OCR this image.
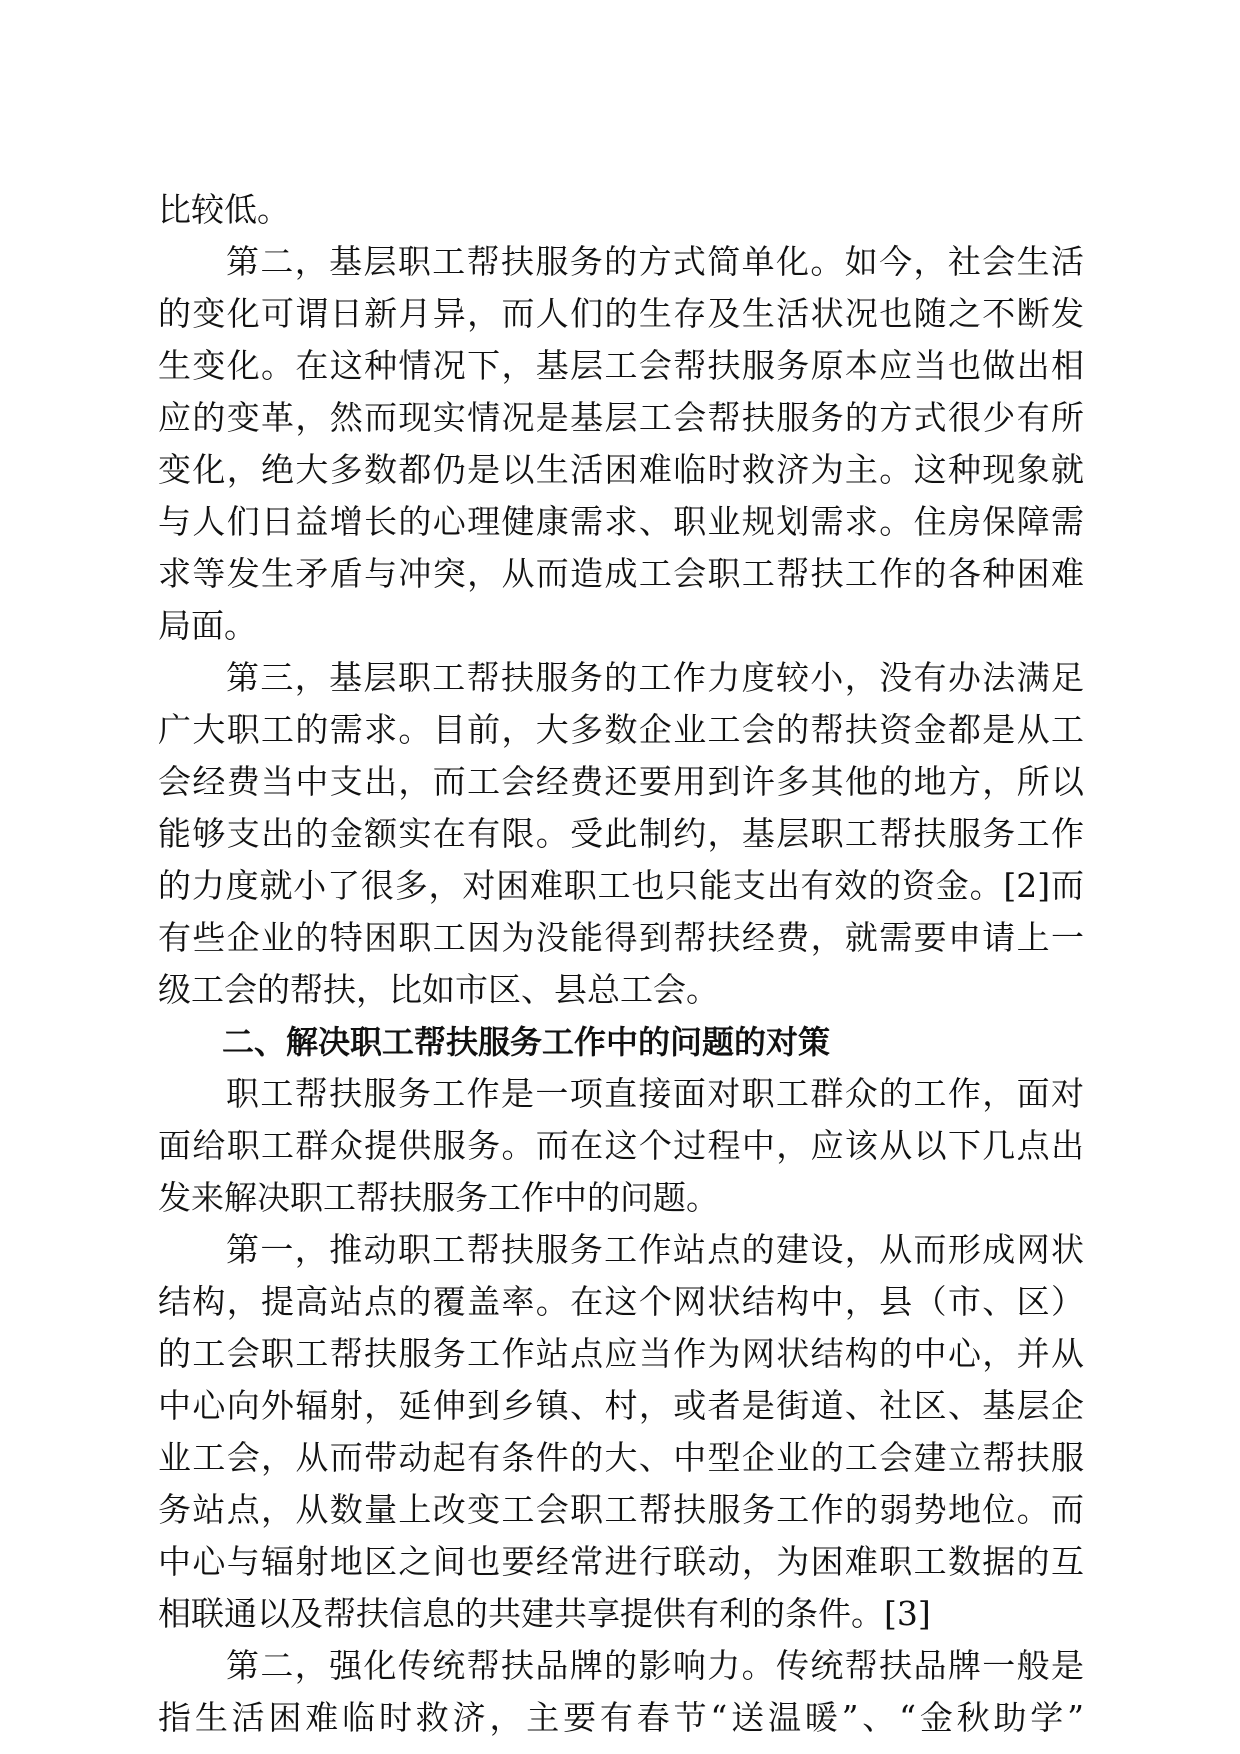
比较低。
第二，基层职工帮扶服务的方式简单化。如今，社会生活
的变化可谓日新月异，而人们的生存及生活状况也随之不断发
生变化。在这种情况下，基层工会帮扶服务原本应当也做出相
应的变革，然而现实情况是基层工会帮扶服务的方式很少有所
变化，绝大多数都仍是以生活困难临时救济为主。这种现象就
与人们日益增长的心理健康需求、职业规划需求。住房保障需
求等发生矛盾与冲突，从而造成工会职工帮扶工作的各种困难
局面。
第三，基层职工帮扶服务的工作力度较小，没有办法满足
广大职工的需求。目前，大多数企业工会的帮扶资金都是从工
会经费当中支出，而工会经费还要用到许多其他的地方，所以
能够支出的金额实在有限。受此制约，基层职工帮扶服务工作
的力度就小了很多，对困难职工也只能支出有效的资金。[2]而
有些企业的特困职工因为没能得到帮扶经费，就需要申请上一
级工会的帮扶，比如市区、县总工会。
二、解决职工帮扶服务工作中的问题的对策
职工帮扶服务工作是一项直接面对职工群众的工作，面对
面给职工群众提供服务。而在这个过程中，应该从以下几点出
发来解决职工帮扶服务工作中的问题。
第一，推动职工帮扶服务工作站点的建设，从而形成网状
结构，提高站点的覆盖率。在这个网状结构中，县（市、区）
的工会职工帮扶服务工作站点应当作为网状结构的中心，并从
中心向外辐射，延伸到乡镇、村，或者是街道、社区、基层企
业工会，从而带动起有条件的大、中型企业的工会建立帮扶服
务站点，从数量上改变工会职工帮扶服务工作的弱势地位。而
中心与辐射地区之间也要经常进行联动，为困难职工数据的互
相联通以及帮扶信息的共建共享提供有利的条件。[3]
第二，强化传统帮扶品牌的影响力。传统帮扶品牌一般是
指生活困难临时救济，主要有春节“送温暖”、“金秋助学”
